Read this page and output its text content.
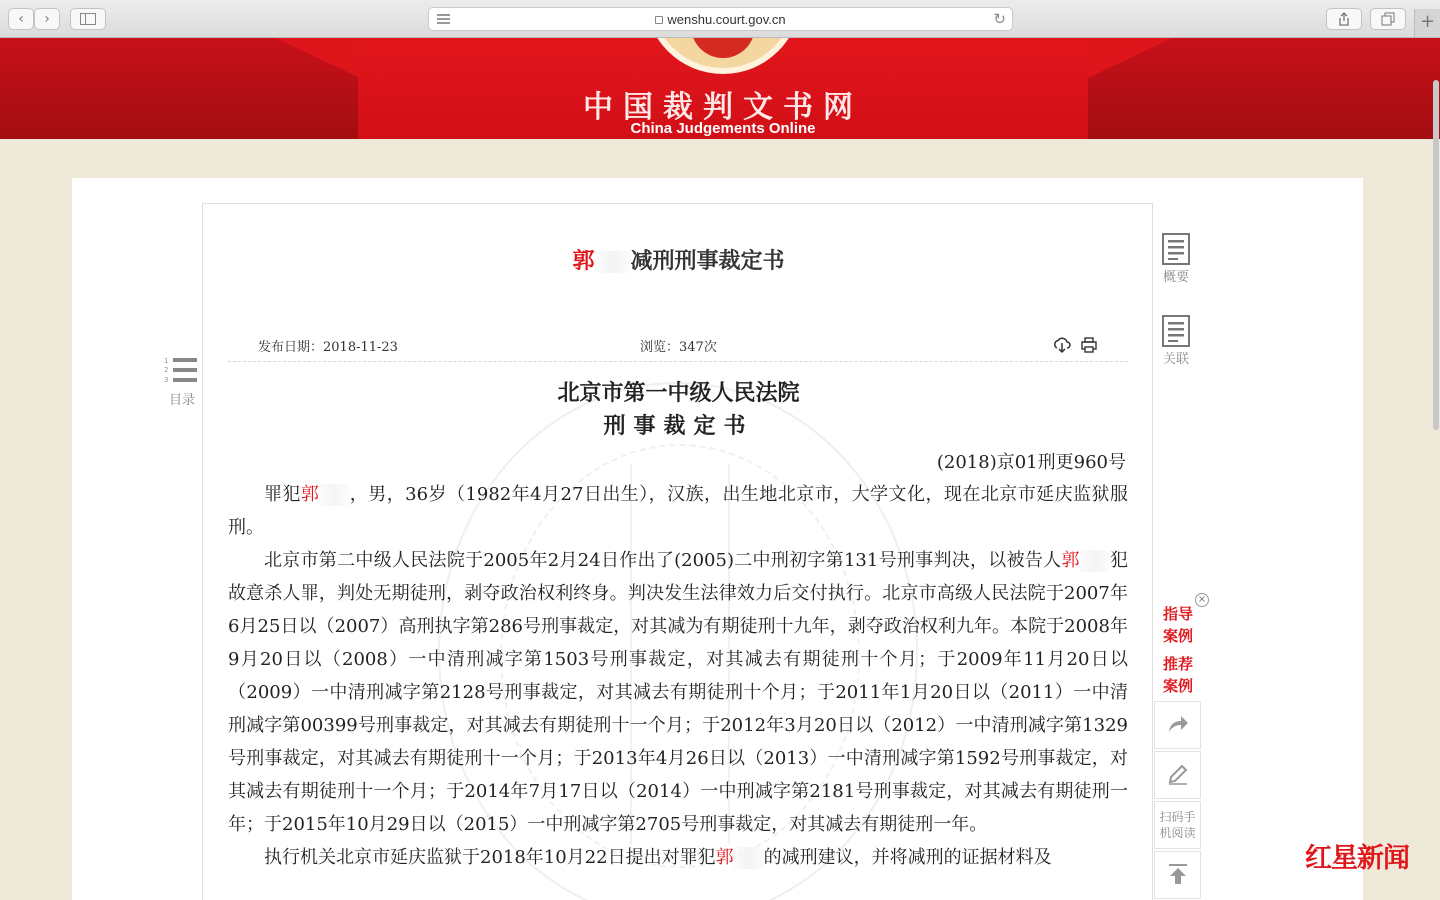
‹	›	wenshu.court.gov.cn	↻	+
中国裁判文书网
China Judgements Online
1
2
3
目录
郭 减刑刑事裁定书
发布日期：2018-11-23	浏览：347次
北京市第一中级人民法院
刑事裁定书
(2018)京01刑更960号

罪犯郭 ，男，36岁（1982年4月27日出生），汉族，出生地北京市，大学文化，现在北京市延庆监狱服刑。

北京市第二中级人民法院于2005年2月24日作出了(2005)二中刑初字第131号刑事判决，以被告人郭 犯故意杀人罪，判处无期徒刑，剥夺政治权利终身。判决发生法律效力后交付执行。北京市高级人民法院于2007年6月25日以（2007）高刑执字第286号刑事裁定，对其减为有期徒刑十九年，剥夺政治权利九年。本院于2008年9月20日以（2008）一中清刑减字第1503号刑事裁定，对其减去有期徒刑十个月；于2009年11月20日以（2009）一中清刑减字第2128号刑事裁定，对其减去有期徒刑十个月；于2011年1月20日以（2011）一中清刑减字第00399号刑事裁定，对其减去有期徒刑十一个月；于2012年3月20日以（2012）一中清刑减字第1329号刑事裁定，对其减去有期徒刑十一个月；于2013年4月26日以（2013）一中清刑减字第1592号刑事裁定，对其减去有期徒刑十一个月；于2014年7月17日以（2014）一中刑减字第2181号刑事裁定，对其减去有期徒刑一年；于2015年10月29日以（2015）一中刑减字第2705号刑事裁定，对其减去有期徒刑一年。

执行机关北京市延庆监狱于2018年10月22日提出对罪犯郭 的减刑建议，并将减刑的证据材料及

概要
关联
×
指导
案例
推荐
案例
扫码手
机阅读
红星新闻
